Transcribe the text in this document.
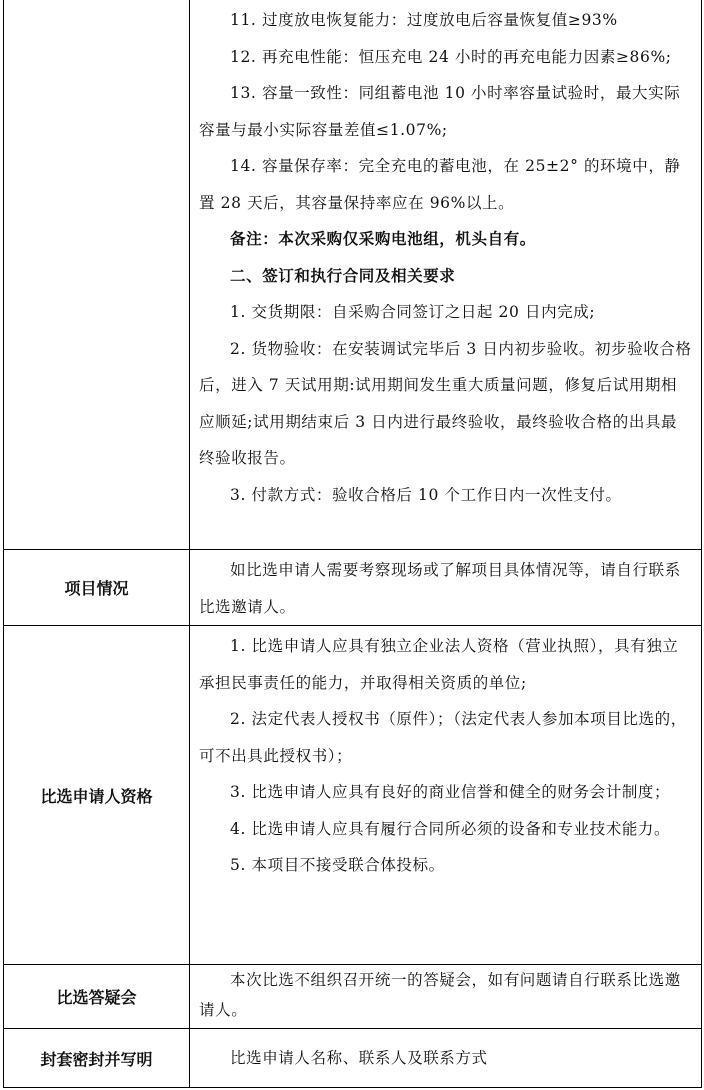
11. 过度放电恢复能力：过度放电后容量恢复值≥93%

12. 再充电性能：恒压充电 24 小时的再充电能力因素≥86%;

13. 容量一致性：同组蓄电池 10 小时率容量试验时，最大实际容量与最小实际容量差值≤1.07%;

14. 容量保存率：完全充电的蓄电池，在 25±2° 的环境中，静置 28 天后，其容量保持率应在 96%以上。

备注：本次采购仅采购电池组，机头自有。

二、签订和执行合同及相关要求

1. 交货期限：自采购合同签订之日起 20 日内完成;

2. 货物验收：在安装调试完毕后 3 日内初步验收。初步验收合格后，进入 7 天试用期:试用期间发生重大质量问题，修复后试用期相应顺延;试用期结束后 3 日内进行最终验收，最终验收合格的出具最终验收报告。

3. 付款方式：验收合格后 10 个工作日内一次性支付。

项目情况

如比选申请人需要考察现场或了解项目具体情况等，请自行联系比选邀请人。

比选申请人资格

1. 比选申请人应具有独立企业法人资格（营业执照），具有独立承担民事责任的能力，并取得相关资质的单位;

2. 法定代表人授权书（原件）；（法定代表人参加本项目比选的，可不出具此授权书）；

3. 比选申请人应具有良好的商业信誉和健全的财务会计制度；

4. 比选申请人应具有履行合同所必须的设备和专业技术能力。

5. 本项目不接受联合体投标。

比选答疑会

本次比选不组织召开统一的答疑会，如有问题请自行联系比选邀请人。

封套密封并写明	比选申请人名称、联系人及联系方式
